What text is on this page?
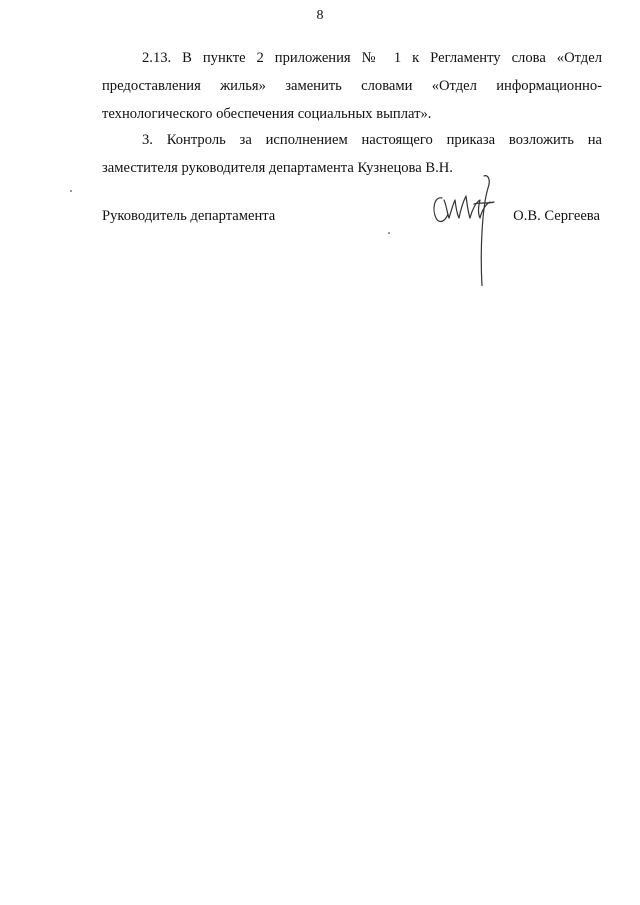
8

2.13. В пункте 2 приложения № 1 к Регламенту слова «Отдел предоставления жилья» заменить словами «Отдел информационно-технологического обеспечения социальных выплат».

3. Контроль за исполнением настоящего приказа возложить на заместителя руководителя департамента Кузнецова В.Н.

Руководитель департамента	О.В. Сергеева
